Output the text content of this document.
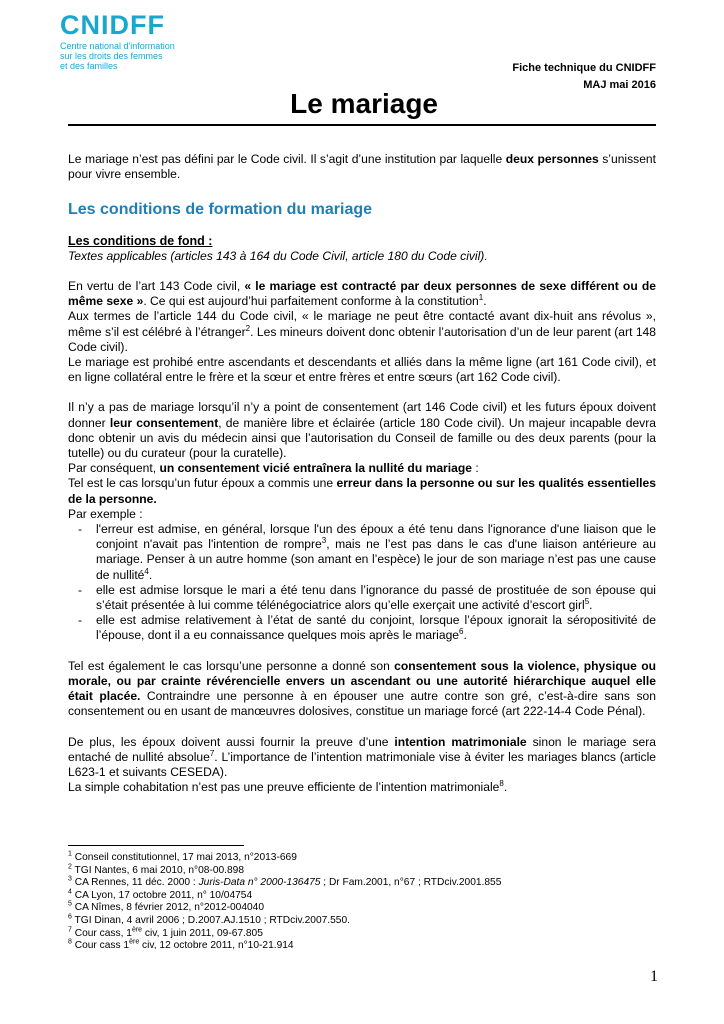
CNIDFF
Centre national d'information
sur les droits des femmes
et des familles	Fiche technique du CNIDFF
MAJ mai 2016
Le mariage

Le mariage n’est pas défini par le Code civil. Il s’agit d’une institution par laquelle deux personnes s’unissent pour vivre ensemble.

Les conditions de formation du mariage

Les conditions de fond :

Textes applicables (articles 143 à 164 du Code Civil, article 180 du Code civil).

En vertu de l’art 143 Code civil, « le mariage est contracté par deux personnes de sexe différent ou de même sexe ». Ce qui est aujourd’hui parfaitement conforme à la constitution$^1$.

Aux termes de l’article 144 du Code civil, « le mariage ne peut être contacté avant dix-huit ans révolus », même s’il est célébré à l’étranger$^2$. Les mineurs doivent donc obtenir l’autorisation d’un de leur parent (art 148 Code civil).

Le mariage est prohibé entre ascendants et descendants et alliés dans la même ligne (art 161 Code civil), et en ligne collatéral entre le frère et la sœur et entre frères et entre sœurs (art 162 Code civil).

Il n’y a pas de mariage lorsqu’il n’y a point de consentement (art 146 Code civil) et les futurs époux doivent donner leur consentement, de manière libre et éclairée (article 180 Code civil). Un majeur incapable devra donc obtenir un avis du médecin ainsi que l’autorisation du Conseil de famille ou des deux parents (pour la tutelle) ou du curateur (pour la curatelle).

Par conséquent, un consentement vicié entraînera la nullité du mariage :

Tel est le cas lorsqu’un futur époux a commis une erreur dans la personne ou sur les qualités essentielles de la personne.

Par exemple :

- l'erreur est admise, en général, lorsque l'un des époux a été tenu dans l'ignorance d'une liaison que le conjoint n'avait pas l'intention de rompre$^3$, mais ne l’est pas dans le cas d'une liaison antérieure au mariage. Penser à un autre homme (son amant en l’espèce) le jour de son mariage n’est pas une cause de nullité$^4$.
- elle est admise lorsque le mari a été tenu dans l’ignorance du passé de prostituée de son épouse qui s’était présentée à lui comme télénégociatrice alors qu’elle exerçait une activité d’escort girl$^5$.
- elle est admise relativement à l’état de santé du conjoint, lorsque l’époux ignorait la séropositivité de l’épouse, dont il a eu connaissance quelques mois après le mariage$^6$.

Tel est également le cas lorsqu’une personne a donné son consentement sous la violence, physique ou morale, ou par crainte révérencielle envers un ascendant ou une autorité hiérarchique auquel elle était placée. Contraindre une personne à en épouser une autre contre son gré, c’est-à-dire sans son consentement ou en usant de manœuvres dolosives, constitue un mariage forcé (art 222-14-4 Code Pénal).

De plus, les époux doivent aussi fournir la preuve d’une intention matrimoniale sinon le mariage sera entaché de nullité absolue$^7$. L’importance de l’intention matrimoniale vise à éviter les mariages blancs (article L623-1 et suivants CESEDA).

La simple cohabitation n’est pas une preuve efficiente de l’intention matrimoniale$^8$.

$^1$ Conseil constitutionnel, 17 mai 2013, n°2013-669
$^2$ TGI Nantes, 6 mai 2010, n°08-00.898
$^3$ CA Rennes, 11 déc. 2000 : Juris-Data n° 2000-136475 ; Dr Fam.2001, n°67 ; RTDciv.2001.855
$^4$ CA Lyon, 17 octobre 2011, n° 10/04754
$^5$ CA Nîmes, 8 février 2012, n°2012-004040
$^6$ TGI Dinan, 4 avril 2006 ; D.2007.AJ.1510 ; RTDciv.2007.550.
$^7$ Cour cass, 1ère civ, 1 juin 2011, 09-67.805
$^8$ Cour cass 1ère civ, 12 octobre 2011, n°10-21.914
1
